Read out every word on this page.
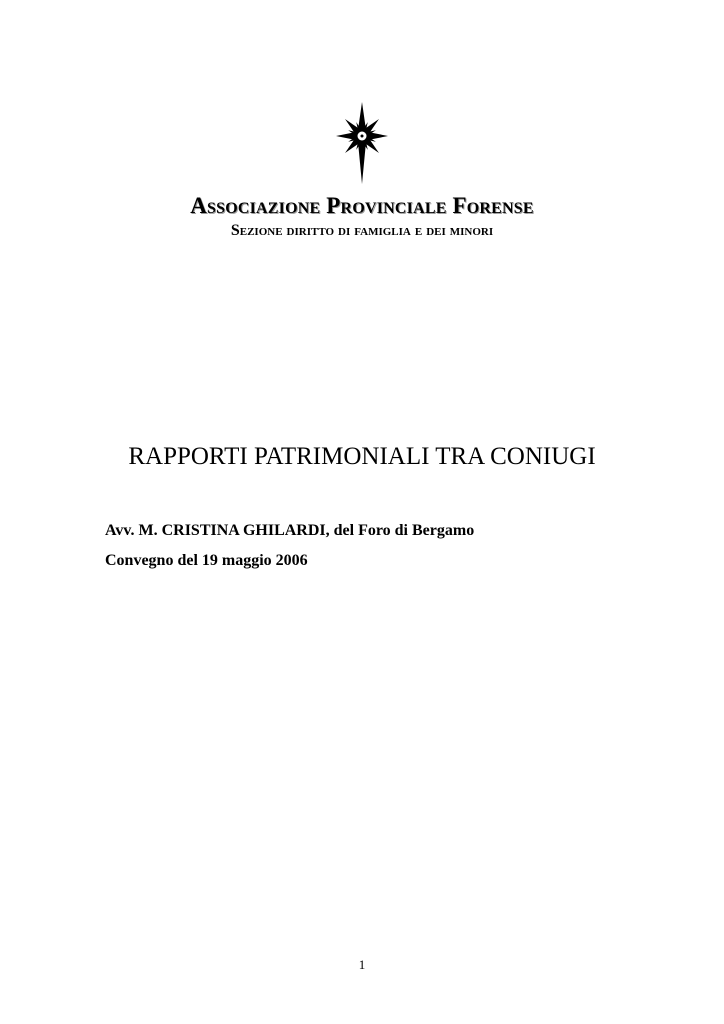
Associazione Provinciale Forense
Sezione diritto di famiglia e dei minori
RAPPORTI PATRIMONIALI TRA CONIUGI
Avv. M. CRISTINA GHILARDI, del Foro di Bergamo
Convegno del 19 maggio 2006
1
